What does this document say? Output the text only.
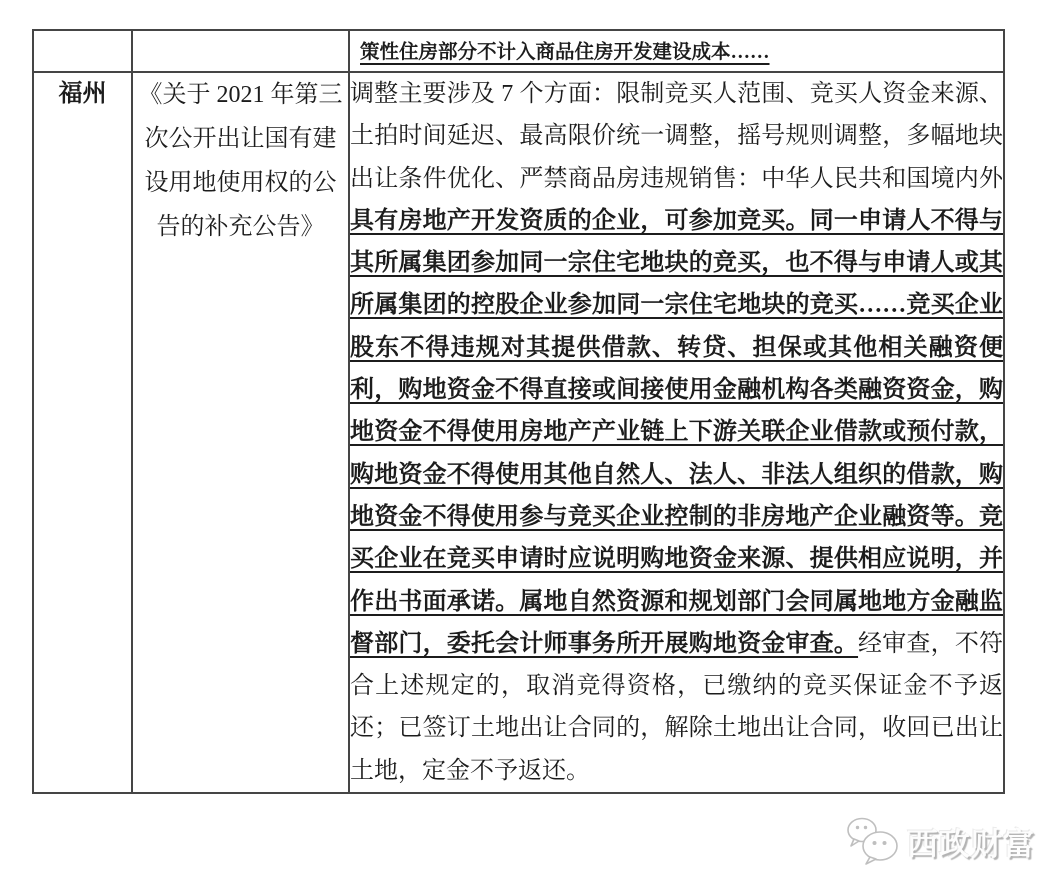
		策性住房部分不计入商品住房开发建设成本……
福州	《关于 2021 年第三次公开出让国有建设用地使用权的公告的补充公告》	调整主要涉及 7 个方面：限制竞买人范围、竞买人资金来源、土拍时间延迟、最高限价统一调整，摇号规则调整，多幅地块出让条件优化、严禁商品房违规销售：中华人民共和国境内外具有房地产开发资质的企业，可参加竞买。同一申请人不得与其所属集团参加同一宗住宅地块的竞买，也不得与申请人或其所属集团的控股企业参加同一宗住宅地块的竞买……竞买企业股东不得违规对其提供借款、转贷、担保或其他相关融资便利，购地资金不得直接或间接使用金融机构各类融资资金，购地资金不得使用房地产产业链上下游关联企业借款或预付款，购地资金不得使用其他自然人、法人、非法人组织的借款，购地资金不得使用参与竞买企业控制的非房地产企业融资等。竞买企业在竞买申请时应说明购地资金来源、提供相应说明，并作出书面承诺。属地自然资源和规划部门会同属地地方金融监督部门，委托会计师事务所开展购地资金审查。经审查，不符合上述规定的，取消竞得资格，已缴纳的竞买保证金不予返还；已签订土地出让合同的，解除土地出让合同，收回已出让土地，定金不予返还。
西政财富
